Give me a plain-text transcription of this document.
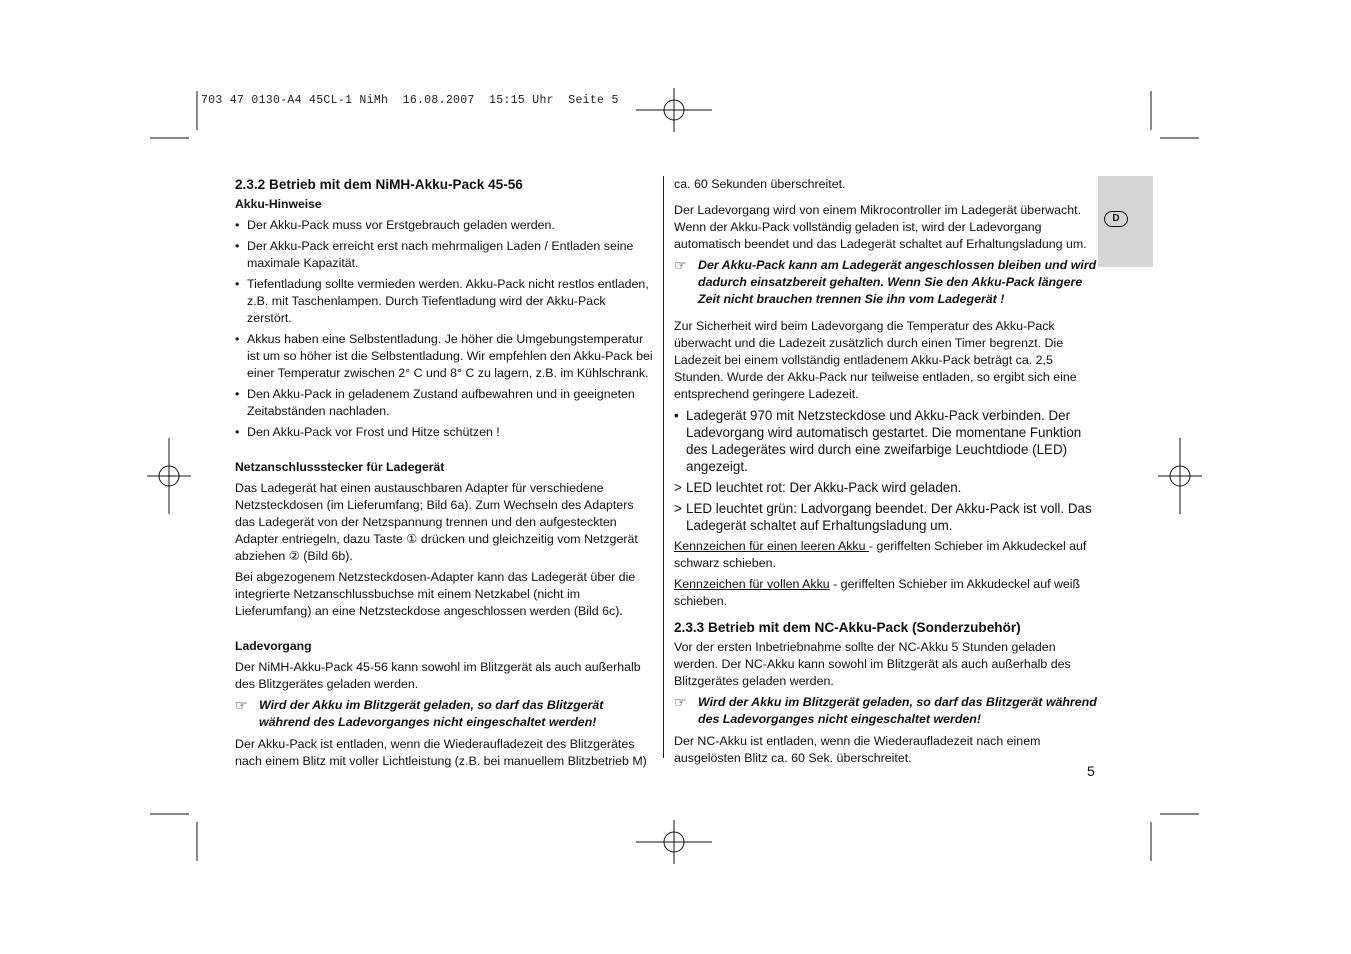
703 47 0130-A4 45CL-1 NiMh  16.08.2007  15:15 Uhr  Seite 5
D
2.3.2 Betrieb mit dem NiMH-Akku-Pack 45-56
Akku-Hinweise
• Der Akku-Pack muss vor Erstgebrauch geladen werden.
• Der Akku-Pack erreicht erst nach mehrmaligen Laden / Entladen seine maximale Kapazität.
• Tiefentladung sollte vermieden werden. Akku-Pack nicht restlos entladen, z.B. mit Taschenlampen. Durch Tiefentladung wird der Akku-Pack zerstört.
• Akkus haben eine Selbstentladung. Je höher die Umgebungstemperatur ist um so höher ist die Selbstentladung. Wir empfehlen den Akku-Pack bei einer Temperatur zwischen 2° C und 8° C zu lagern, z.B. im Kühlschrank.
• Den Akku-Pack in geladenem Zustand aufbewahren und in geeigneten Zeitabständen nachladen.
• Den Akku-Pack vor Frost und Hitze schützen !
Netzanschlussstecker für Ladegerät

Das Ladegerät hat einen austauschbaren Adapter für verschiedene Netzsteckdosen (im Lieferumfang; Bild 6a). Zum Wechseln des Adapters das Ladegerät von der Netzspannung trennen und den aufgesteckten Adapter entriegeln, dazu Taste ① drücken und gleichzeitig vom Netzgerät abziehen ② (Bild 6b).

Bei abgezogenem Netzsteckdosen-Adapter kann das Ladegerät über die integrierte Netzanschlussbuchse mit einem Netzkabel (nicht im Lieferumfang) an eine Netzsteckdose angeschlossen werden (Bild 6c).

Ladevorgang

Der NiMH-Akku-Pack 45-56 kann sowohl im Blitzgerät als auch außerhalb des Blitzgerätes geladen werden.

☞ Wird der Akku im Blitzgerät geladen, so darf das Blitzgerät während des Ladevorganges nicht eingeschaltet werden!

Der Akku-Pack ist entladen, wenn die Wiederaufladezeit des Blitzgerätes nach einem Blitz mit voller Lichtleistung (z.B. bei manuellem Blitzbetrieb M)

ca. 60 Sekunden überschreitet.

Der Ladevorgang wird von einem Mikrocontroller im Ladegerät überwacht. Wenn der Akku-Pack vollständig geladen ist, wird der Ladevorgang automatisch beendet und das Ladegerät schaltet auf Erhaltungsladung um.

☞ Der Akku-Pack kann am Ladegerät angeschlossen bleiben und wird dadurch einsatzbereit gehalten. Wenn Sie den Akku-Pack längere Zeit nicht brauchen trennen Sie ihn vom Ladegerät !

Zur Sicherheit wird beim Ladevorgang die Temperatur des Akku-Pack überwacht und die Ladezeit zusätzlich durch einen Timer begrenzt. Die Ladezeit bei einem vollständig entladenem Akku-Pack beträgt ca. 2,5 Stunden. Wurde der Akku-Pack nur teilweise entladen, so ergibt sich eine entsprechend geringere Ladezeit.

• Ladegerät 970 mit Netzsteckdose und Akku-Pack verbinden. Der Ladevorgang wird automatisch gestartet. Die momentane Funktion des Ladegerätes wird durch eine zweifarbige Leuchtdiode (LED) angezeigt.
> LED leuchtet rot: Der Akku-Pack wird geladen.
> LED leuchtet grün: Ladvorgang beendet. Der Akku-Pack ist voll. Das Ladegerät schaltet auf Erhaltungsladung um.

Kennzeichen für einen leeren Akku - geriffelten Schieber im Akkudeckel auf schwarz schieben.

Kennzeichen für vollen Akku - geriffelten Schieber im Akkudeckel auf weiß schieben.

2.3.3 Betrieb mit dem NC-Akku-Pack (Sonderzubehör)

Vor der ersten Inbetriebnahme sollte der NC-Akku 5 Stunden geladen werden. Der NC-Akku kann sowohl im Blitzgerät als auch außerhalb des Blitzgerätes geladen werden.

☞ Wird der Akku im Blitzgerät geladen, so darf das Blitzgerät während des Ladevorganges nicht eingeschaltet werden!

Der NC-Akku ist entladen, wenn die Wiederaufladezeit nach einem ausgelösten Blitz ca. 60 Sek. überschreitet.

5
